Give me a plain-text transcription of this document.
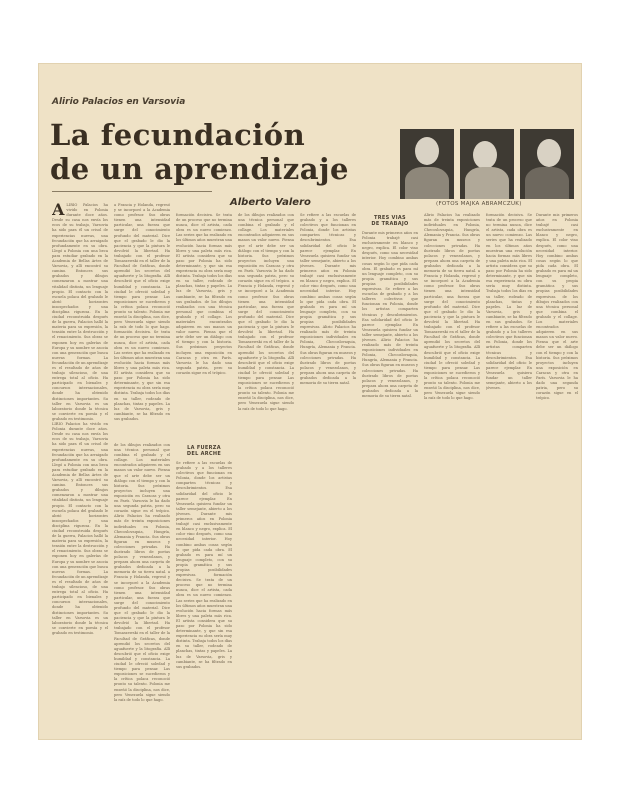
Alirio Palacios en Varsovia
La fecundación
de un aprendizaje
Alberto Valero	(FOTOS MAJKA ABRAMCZUK)
ALIRIO Palacios ha vivido en Polonia durante doce años. Desde su casa nos envía los ecos de su trabajo, Varsovia ha sido para él un crisol de experiencias nuevas, una fecundación que ha arraigado profundamente en su obra. Llegó a Polonia con una beca para estudiar grabado en la Academia de Bellas Artes de Varsovia, y allí encontró su camino. Entonces sus grabados y dibujos comenzaron a mostrar una vitalidad distinta, un lenguaje propio. El contacto con la escuela polaca del grabado le abrió horizontes insospechados y una disciplina rigurosa. En la ciudad reconstruida después de la guerra, Palacios halló la materia para su expresión, la tensión entre la destrucción y el renacimiento. Sus obras se exponen hoy en galerías de Europa y su nombre se asocia con una generación que busca nuevas formas. La fecundación de un aprendizaje es el resultado de años de trabajo silencioso, de una entrega total al oficio. Ha participado en bienales y concursos internacionales, donde ha obtenido distinciones importantes. Su taller en Varsovia es un laboratorio donde la técnica se convierte en poesía y el grabado en testimonio.
LIRIO Palacios ha vivido en Polonia durante doce años. Desde su casa nos envía los ecos de su trabajo, Varsovia ha sido para él un crisol de experiencias nuevas, una fecundación que ha arraigado profundamente en su obra. Llegó a Polonia con una beca para estudiar grabado en la Academia de Bellas Artes de Varsovia, y allí encontró su camino. Entonces sus grabados y dibujos comenzaron a mostrar una vitalidad distinta, un lenguaje propio. El contacto con la escuela polaca del grabado le abrió horizontes insospechados y una disciplina rigurosa. En la ciudad reconstruida después de la guerra, Palacios halló la materia para su expresión, la tensión entre la destrucción y el renacimiento. Sus obras se exponen hoy en galerías de Europa y su nombre se asocia con una generación que busca nuevas formas. La fecundación de un aprendizaje es el resultado de años de trabajo silencioso, de una entrega total al oficio. Ha participado en bienales y concursos internacionales, donde ha obtenido distinciones importantes. Su taller en Varsovia es un laboratorio donde la técnica se convierte en poesía y el grabado en testimonio.
a Francia y Holanda, regresó y se incorporó a la Academia como profesor. Sus obras tienen una intensidad particular, una fuerza que surge del conocimiento profundo del material. Dice que el grabado le dio la paciencia y que la pintura le devolvió la libertad. Ha trabajado con el profesor Tomaszewski en el taller de la Facultad de Gráficas, donde aprendió los secretos del aguafuerte y la litografía. Allí descubrió que el oficio exige humildad y constancia. La ciudad le ofreció soledad y tiempo para pensar. Las exposiciones se sucedieron y la crítica polaca reconoció pronto su talento. Polonia me enseñó la disciplina, nos dice, pero Venezuela sigue siendo la raíz de todo lo que hago. formación decisiva. Se trata de un proceso que no termina nunca, dice el artista, cada obra es un nuevo comienzo. Las series que ha realizado en los últimos años muestran una evolución hacia formas más libres y una paleta más rica. El artista considera que su paso por Polonia ha sido determinante, y que sin esa experiencia su obra sería muy distinta. Trabaja todos los días en su taller, rodeado de planchas, tintas y papeles. La luz de Varsovia, gris y cambiante, se ha filtrado en sus grabados.
formación decisiva. Se trata de un proceso que no termina nunca, dice el artista, cada obra es un nuevo comienzo. Las series que ha realizado en los últimos años muestran una evolución hacia formas más libres y una paleta más rica. El artista considera que su paso por Polonia ha sido determinante, y que sin esa experiencia su obra sería muy distinta. Trabaja todos los días en su taller, rodeado de planchas, tintas y papeles. La luz de Varsovia, gris y cambiante, se ha filtrado en sus grabados. de los dibujos realizados con una técnica personal que combina el grabado y el collage. Los materiales encontrados adquieren en sus manos un valor nuevo. Piensa que el arte debe ser un diálogo con el tiempo y con la historia. Sus próximos proyectos incluyen una exposición en Caracas y otra en París. Varsovia le ha dado una segunda patria, pero su corazón sigue en el trópico.
de los dibujos realizados con una técnica personal que combina el grabado y el collage. Los materiales encontrados adquieren en sus manos un valor nuevo. Piensa que el arte debe ser un diálogo con el tiempo y con la historia. Sus próximos proyectos incluyen una exposición en Caracas y otra en París. Varsovia le ha dado una segunda patria, pero su corazón sigue en el trópico. a Francia y Holanda, regresó y se incorporó a la Academia como profesor. Sus obras tienen una intensidad particular, una fuerza que surge del conocimiento profundo del material. Dice que el grabado le dio la paciencia y que la pintura le devolvió la libertad. Ha trabajado con el profesor Tomaszewski en el taller de la Facultad de Gráficas, donde aprendió los secretos del aguafuerte y la litografía. Allí descubrió que el oficio exige humildad y constancia. La ciudad le ofreció soledad y tiempo para pensar. Las exposiciones se sucedieron y la crítica polaca reconoció pronto su talento. Polonia me enseñó la disciplina, nos dice, pero Venezuela sigue siendo la raíz de todo lo que hago.
Se refiere a las escuelas de grabado y a los talleres colectivos que funcionan en Polonia, donde los artistas comparten técnicas y descubrimientos. Esa solidaridad del oficio le parece ejemplar. En Venezuela quisiera fundar un taller semejante, abierto a los jóvenes.	Durante mis primeros años en Polonia trabajé casi exclusivamente en blanco y negro, explica. El color vino después, como una necesidad interior. Hoy combino ambas cosas según lo que pida cada obra. El grabado es para mí un lenguaje completo, con su propia gramática y sus propias posibilidades expresivas. Alirio Palacios ha realizado más de treinta exposiciones individuales en Polonia, Checoslovaquia, Hungría, Alemania y Francia. Sus obras figuran en museos y colecciones privadas. Ha ilustrado libros de poetas polacos y venezolanos, y prepara ahora una carpeta de grabados dedicada a la memoria de su tierra natal.
TRES VIAS
DE TRABAJO
Durante mis primeros años en Polonia trabajé casi exclusivamente en blanco y negro, explica. El color vino después, como una necesidad interior. Hoy combino ambas cosas según lo que pida cada obra. El grabado es para mí un lenguaje completo, con su propia gramática y sus propias posibilidades expresivas. Se refiere a las escuelas de grabado y a los talleres colectivos que funcionan en Polonia, donde los artistas comparten técnicas y descubrimientos. Esa solidaridad del oficio le parece ejemplar. En Venezuela quisiera fundar un taller semejante, abierto a los jóvenes. Alirio Palacios ha realizado más de treinta exposiciones individuales en Polonia, Checoslovaquia, Hungría, Alemania y Francia. Sus obras figuran en museos y colecciones privadas. Ha ilustrado libros de poetas polacos y venezolanos, y prepara ahora una carpeta de grabados dedicada a la memoria de su tierra natal.
Alirio Palacios ha realizado más de treinta exposiciones individuales en Polonia, Checoslovaquia, Hungría, Alemania y Francia. Sus obras figuran en museos y colecciones privadas. Ha ilustrado libros de poetas polacos y venezolanos, y prepara ahora una carpeta de grabados dedicada a la memoria de su tierra natal. a Francia y Holanda, regresó y se incorporó a la Academia como profesor. Sus obras tienen una intensidad particular, una fuerza que surge del conocimiento profundo del material. Dice que el grabado le dio la paciencia y que la pintura le devolvió la libertad. Ha trabajado con el profesor Tomaszewski en el taller de la Facultad de Gráficas, donde aprendió los secretos del aguafuerte y la litografía. Allí descubrió que el oficio exige humildad y constancia. La ciudad le ofreció soledad y tiempo para pensar. Las exposiciones se sucedieron y la crítica polaca reconoció pronto su talento. Polonia me enseñó la disciplina, nos dice, pero Venezuela sigue siendo la raíz de todo lo que hago.
formación decisiva. Se trata de un proceso que no termina nunca, dice el artista, cada obra es un nuevo comienzo. Las series que ha realizado en los últimos años muestran una evolución hacia formas más libres y una paleta más rica. El artista considera que su paso por Polonia ha sido determinante, y que sin esa experiencia su obra sería muy distinta. Trabaja todos los días en su taller, rodeado de planchas, tintas y papeles. La luz de Varsovia, gris y cambiante, se ha filtrado en sus grabados. Se refiere a las escuelas de grabado y a los talleres colectivos que funcionan en Polonia, donde los artistas comparten técnicas y descubrimientos. Esa solidaridad del oficio le parece ejemplar. En Venezuela quisiera fundar un taller semejante, abierto a los jóvenes.
Durante mis primeros años en Polonia trabajé casi exclusivamente en blanco y negro, explica. El color vino después, como una necesidad interior. Hoy combino ambas cosas según lo que pida cada obra. El grabado es para mí un lenguaje completo, con su propia gramática y sus propias posibilidades expresivas. de los dibujos realizados con una técnica personal que combina el grabado y el collage. Los materiales encontrados adquieren en sus manos un valor nuevo. Piensa que el arte debe ser un diálogo con el tiempo y con la historia. Sus próximos proyectos incluyen una exposición en Caracas y otra en París. Varsovia le ha dado una segunda patria, pero su corazón sigue en el trópico.
de los dibujos realizados con una técnica personal que combina el grabado y el collage. Los materiales encontrados adquieren en sus manos un valor nuevo. Piensa que el arte debe ser un diálogo con el tiempo y con la historia. Sus próximos proyectos incluyen una exposición en Caracas y otra en París. Varsovia le ha dado una segunda patria, pero su corazón sigue en el trópico. Alirio Palacios ha realizado más de treinta exposiciones individuales en Polonia, Checoslovaquia, Hungría, Alemania y Francia. Sus obras figuran en museos y colecciones privadas. Ha ilustrado libros de poetas polacos y venezolanos, y prepara ahora una carpeta de grabados dedicada a la memoria de su tierra natal. a Francia y Holanda, regresó y se incorporó a la Academia como profesor. Sus obras tienen una intensidad particular, una fuerza que surge del conocimiento profundo del material. Dice que el grabado le dio la paciencia y que la pintura le devolvió la libertad. Ha trabajado con el profesor Tomaszewski en el taller de la Facultad de Gráficas, donde aprendió los secretos del aguafuerte y la litografía. Allí descubrió que el oficio exige humildad y constancia. La ciudad le ofreció soledad y tiempo para pensar. Las exposiciones se sucedieron y la crítica polaca reconoció pronto su talento. Polonia me enseñó la disciplina, nos dice, pero Venezuela sigue siendo la raíz de todo lo que hago.
LA FUERZA
DEL ARCHE
Se refiere a las escuelas de grabado y a los talleres colectivos que funcionan en Polonia, donde los artistas comparten técnicas y descubrimientos. Esa solidaridad del oficio le parece ejemplar. En Venezuela quisiera fundar un taller semejante, abierto a los jóvenes.	Durante mis primeros años en Polonia trabajé casi exclusivamente en blanco y negro, explica. El color vino después, como una necesidad interior. Hoy combino ambas cosas según lo que pida cada obra. El grabado es para mí un lenguaje completo, con su propia gramática y sus propias posibilidades expresivas.	formación decisiva. Se trata de un proceso que no termina nunca, dice el artista, cada obra es un nuevo comienzo. Las series que ha realizado en los últimos años muestran una evolución hacia formas más libres y una paleta más rica. El artista considera que su paso por Polonia ha sido determinante, y que sin esa experiencia su obra sería muy distinta. Trabaja todos los días en su taller, rodeado de planchas, tintas y papeles. La luz de Varsovia, gris y cambiante, se ha filtrado en sus grabados.
